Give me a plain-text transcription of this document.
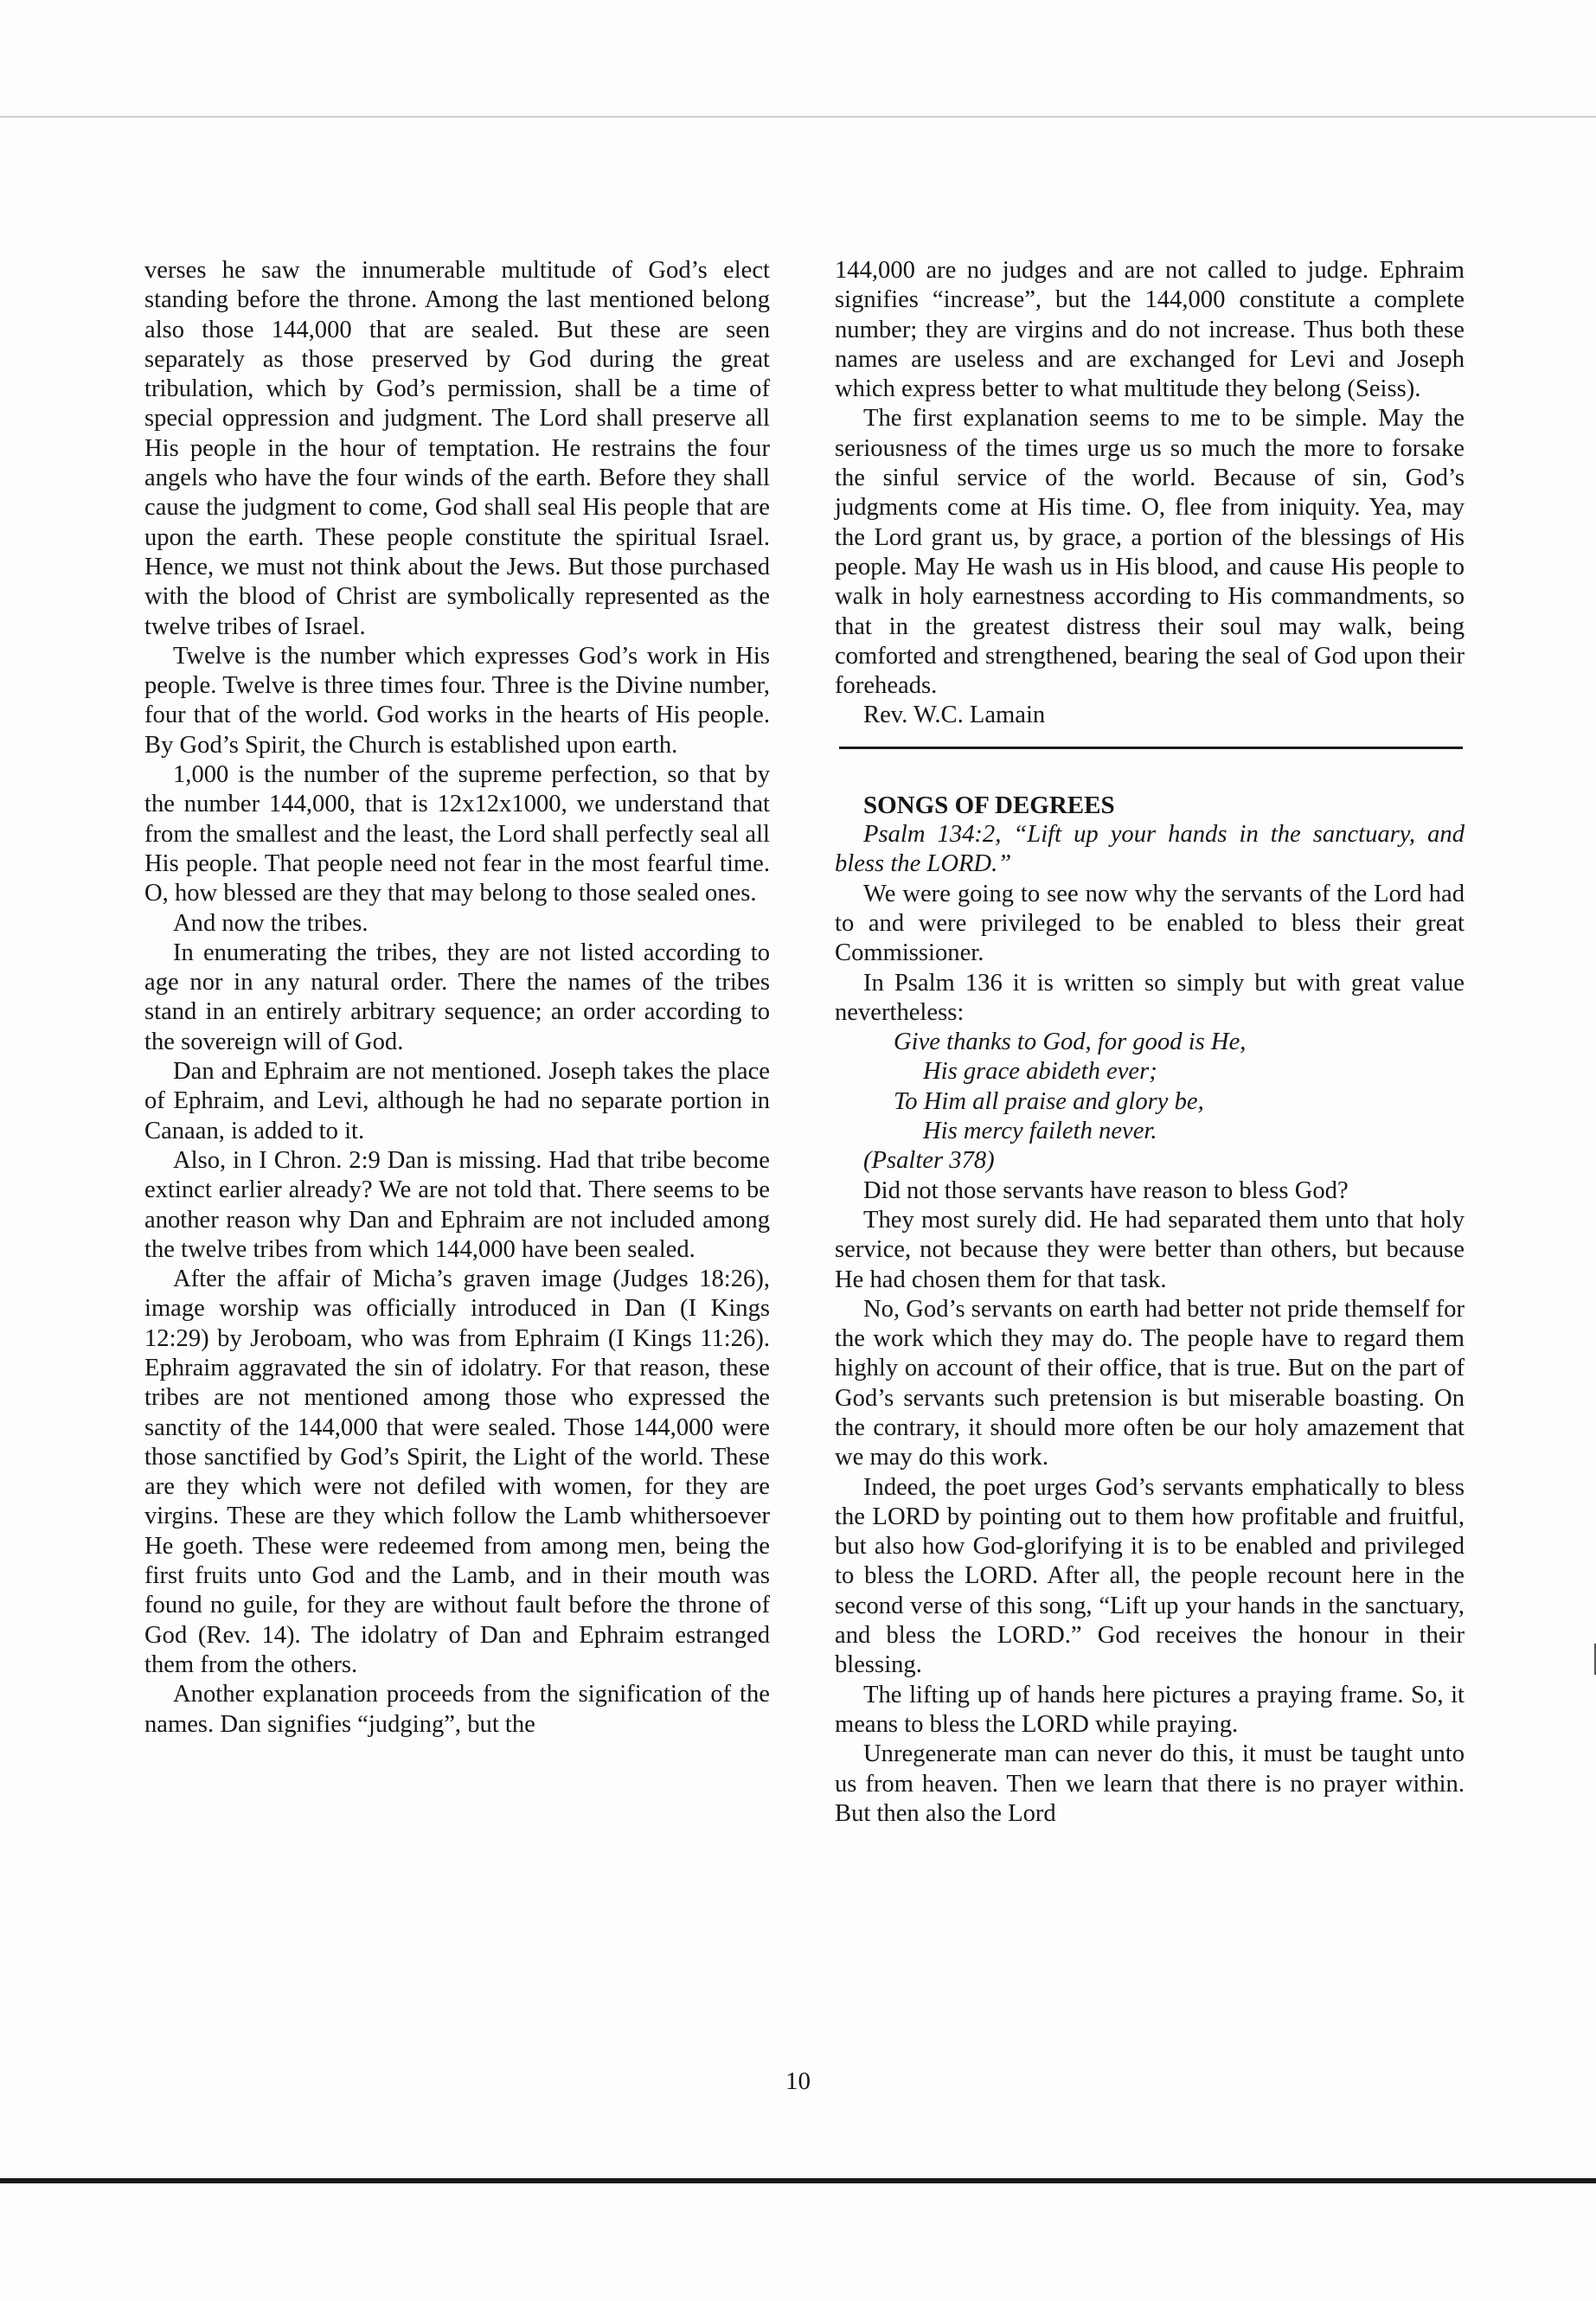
verses he saw the innumerable multitude of God’s elect standing before the throne. Among the last mentioned belong also those 144,000 that are sealed. But these are seen separately as those preserved by God during the great tribulation, which by God’s permission, shall be a time of special oppression and judgment. The Lord shall preserve all His people in the hour of temptation. He restrains the four angels who have the four winds of the earth. Before they shall cause the judgment to come, God shall seal His people that are upon the earth. These people constitute the spiritual Israel. Hence, we must not think about the Jews. But those purchased with the blood of Christ are symbolically represented as the twelve tribes of Israel.

Twelve is the number which expresses God’s work in His people. Twelve is three times four. Three is the Divine number, four that of the world. God works in the hearts of His people. By God’s Spirit, the Church is established upon earth.

1,000 is the number of the supreme perfection, so that by the number 144,000, that is 12x12x1000, we understand that from the smallest and the least, the Lord shall perfectly seal all His people. That people need not fear in the most fearful time. O, how blessed are they that may belong to those sealed ones.

And now the tribes.

In enumerating the tribes, they are not listed according to age nor in any natural order. There the names of the tribes stand in an entirely arbitrary sequence; an order according to the sovereign will of God.

Dan and Ephraim are not mentioned. Joseph takes the place of Ephraim, and Levi, although he had no separate portion in Canaan, is added to it.

Also, in I Chron. 2:9 Dan is missing. Had that tribe become extinct earlier already? We are not told that. There seems to be another reason why Dan and Ephraim are not included among the twelve tribes from which 144,000 have been sealed.

After the affair of Micha’s graven image (Judges 18:26), image worship was officially introduced in Dan (I Kings 12:29) by Jeroboam, who was from Ephraim (I Kings 11:26). Ephraim aggravated the sin of idolatry. For that reason, these tribes are not mentioned among those who expressed the sanctity of the 144,000 that were sealed. Those 144,000 were those sanctified by God’s Spirit, the Light of the world. These are they which were not defiled with women, for they are virgins. These are they which follow the Lamb whithersoever He goeth. These were redeemed from among men, being the first fruits unto God and the Lamb, and in their mouth was found no guile, for they are without fault before the throne of God (Rev. 14). The idolatry of Dan and Ephraim estranged them from the others.

Another explanation proceeds from the signification of the names. Dan signifies “judging”, but the

144,000 are no judges and are not called to judge. Ephraim signifies “increase”, but the 144,000 constitute a complete number; they are virgins and do not increase. Thus both these names are useless and are exchanged for Levi and Joseph which express better to what multitude they belong (Seiss).

The first explanation seems to me to be simple. May the seriousness of the times urge us so much the more to forsake the sinful service of the world. Because of sin, God’s judgments come at His time. O, flee from iniquity. Yea, may the Lord grant us, by grace, a portion of the blessings of His people. May He wash us in His blood, and cause His people to walk in holy earnestness according to His commandments, so that in the greatest distress their soul may walk, being comforted and strengthened, bearing the seal of God upon their foreheads.

Rev. W.C. Lamain

SONGS OF DEGREES

Psalm 134:2, “Lift up your hands in the sanctuary, and bless the LORD.”

We were going to see now why the servants of the Lord had to and were privileged to be enabled to bless their great Commissioner.

In Psalm 136 it is written so simply but with great value nevertheless:

Give thanks to God, for good is He,
His grace abideth ever;
To Him all praise and glory be,
His mercy faileth never.

(Psalter 378)

Did not those servants have reason to bless God?

They most surely did. He had separated them unto that holy service, not because they were better than others, but because He had chosen them for that task.

No, God’s servants on earth had better not pride themself for the work which they may do. The people have to regard them highly on account of their office, that is true. But on the part of God’s servants such pretension is but miserable boasting. On the contrary, it should more often be our holy amazement that we may do this work.

Indeed, the poet urges God’s servants emphatically to bless the LORD by pointing out to them how profitable and fruitful, but also how God-glorifying it is to be enabled and privileged to bless the LORD. After all, the people recount here in the second verse of this song, “Lift up your hands in the sanctuary, and bless the LORD.” God receives the honour in their blessing.

The lifting up of hands here pictures a praying frame. So, it means to bless the LORD while praying.

Unregenerate man can never do this, it must be taught unto us from heaven. Then we learn that there is no prayer within. But then also the Lord

10
